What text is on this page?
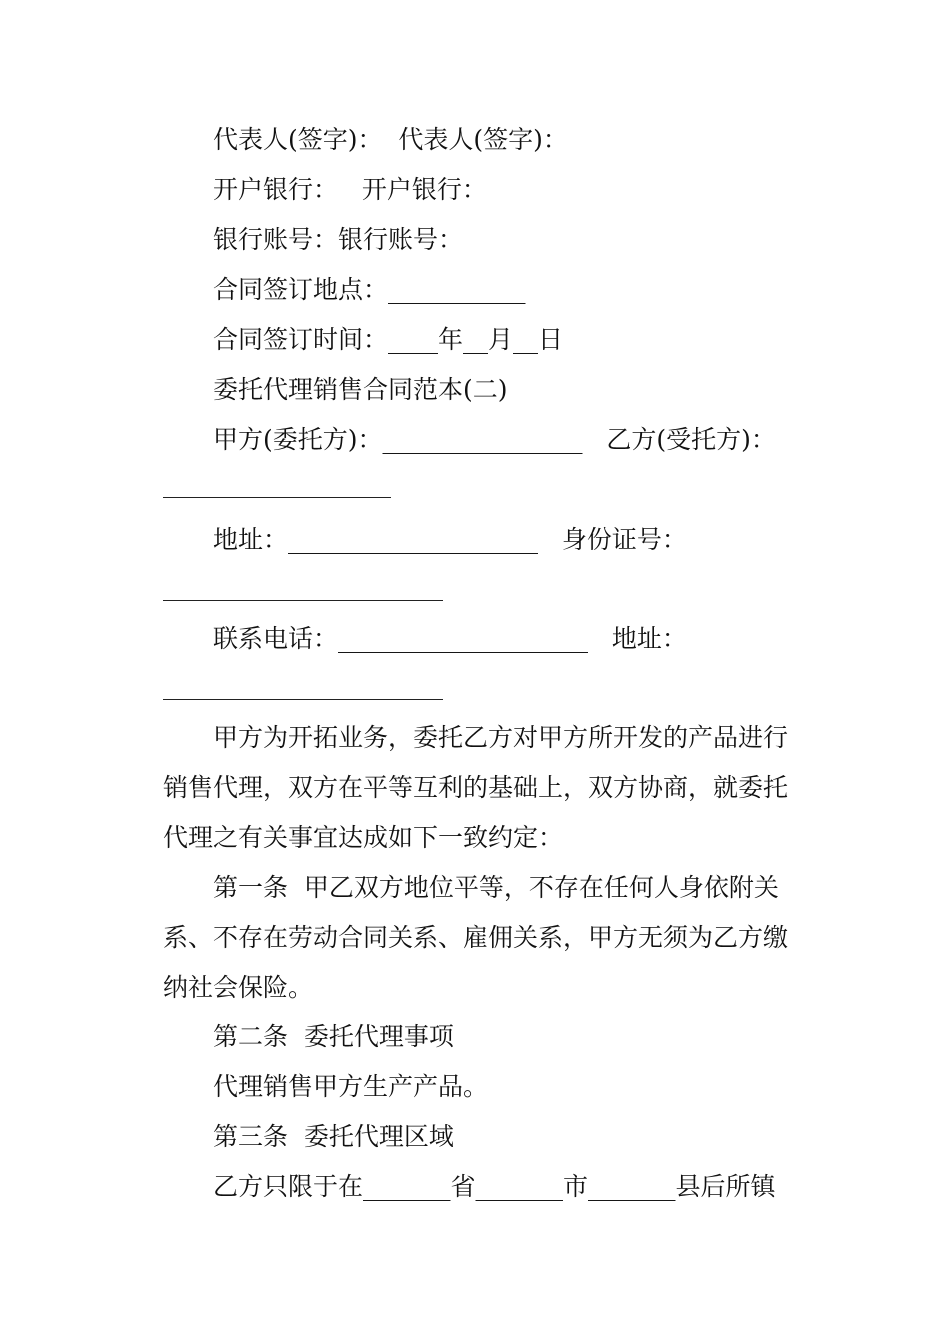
代表人(签字)：  代表人(签字)：
开户银行：   开户银行：
银行账号：银行账号：
合同签订地点：___________
合同签订时间：____年__月__日
委托代理销售合同范本(二)
甲方(委托方)：________________   乙方(受托方)：
地址：____________________   身份证号：
联系电话：____________________   地址：
甲方为开拓业务，委托乙方对甲方所开发的产品进行
销售代理，双方在平等互利的基础上，双方协商，就委托
代理之有关事宜达成如下一致约定：
第一条  甲乙双方地位平等，不存在任何人身依附关
系、不存在劳动合同关系、雇佣关系，甲方无须为乙方缴
纳社会保险。
第二条  委托代理事项
代理销售甲方生产产品。
第三条  委托代理区域
乙方只限于在_______省_______市_______县后所镇
